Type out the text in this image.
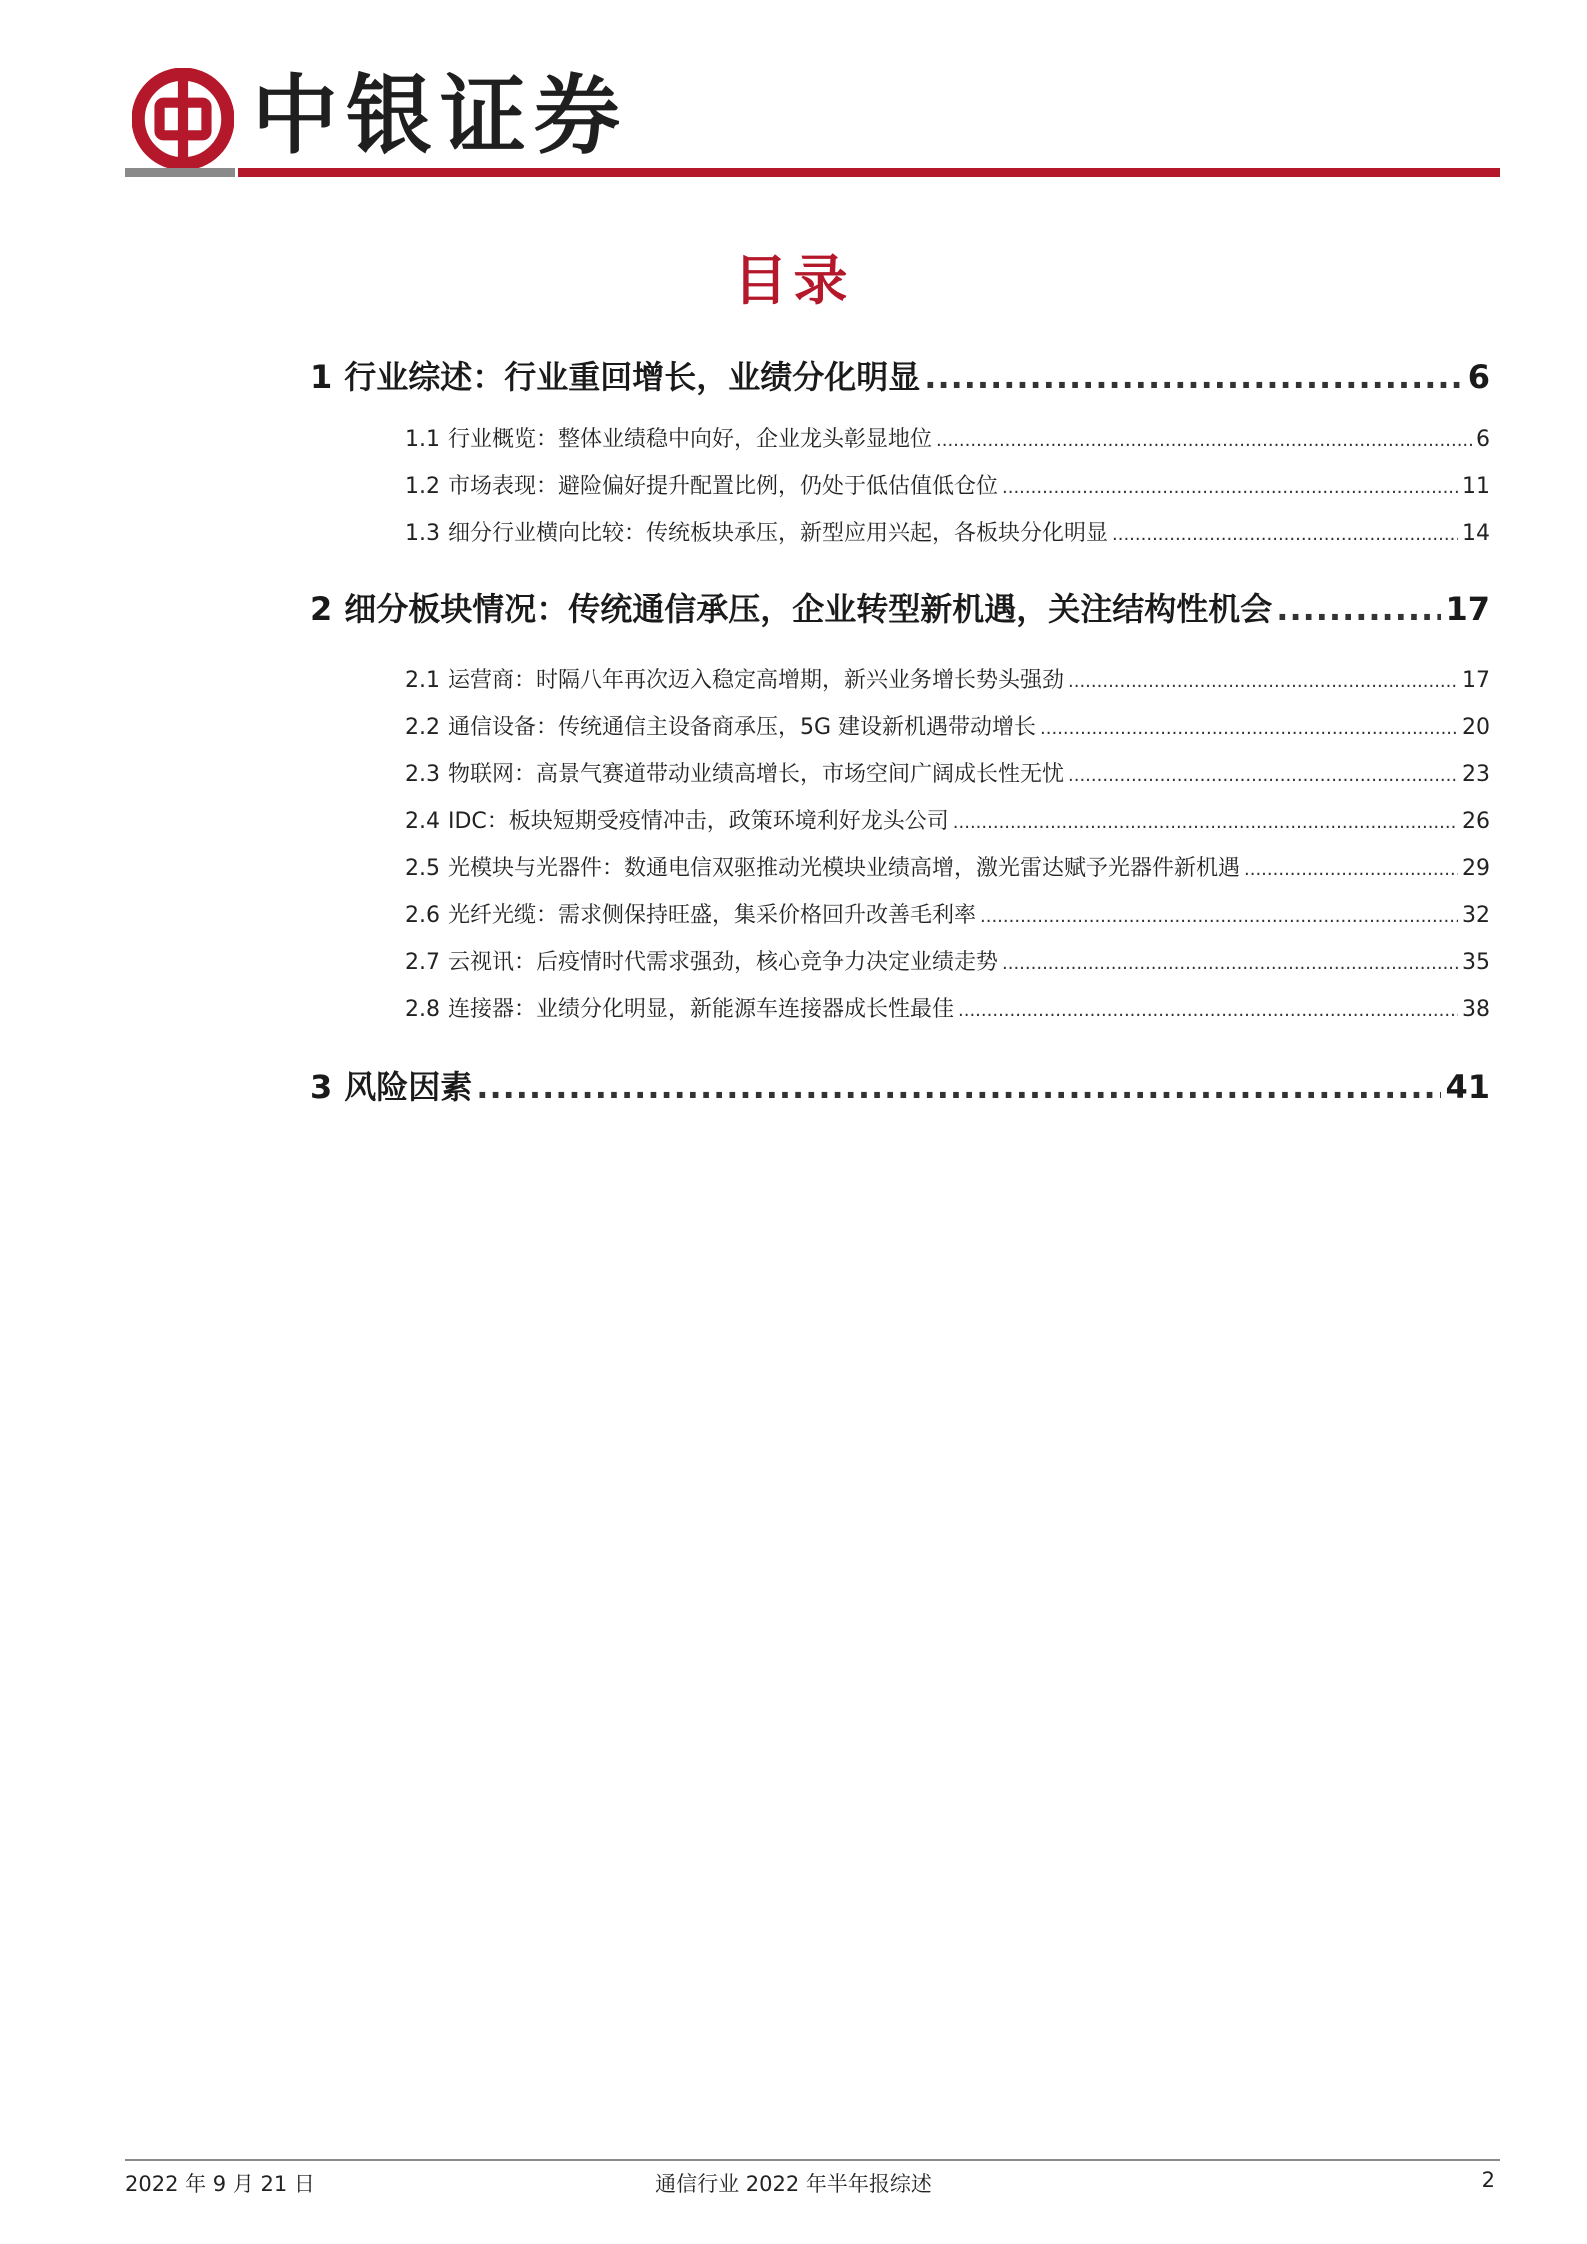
中银证券
目录
1 行业综述：行业重回增长，业绩分化明显 .....	6
1.1 行业概览：整体业绩稳中向好，企业龙头彰显地位 .....	6
1.2 市场表现：避险偏好提升配置比例，仍处于低估值低仓位 .....	11
1.3 细分行业横向比较：传统板块承压，新型应用兴起，各板块分化明显 .....	14
2 细分板块情况：传统通信承压，企业转型新机遇，关注结构性机会 .....	17
2.1 运营商：时隔八年再次迈入稳定高增期，新兴业务增长势头强劲 .....	17
2.2 通信设备：传统通信主设备商承压，5G 建设新机遇带动增长 .....	20
2.3 物联网：高景气赛道带动业绩高增长，市场空间广阔成长性无忧 .....	23
2.4 IDC：板块短期受疫情冲击，政策环境利好龙头公司 .....	26
2.5 光模块与光器件：数通电信双驱推动光模块业绩高增，激光雷达赋予光器件新机遇 .....	29
2.6 光纤光缆：需求侧保持旺盛，集采价格回升改善毛利率 .....	32
2.7 云视讯：后疫情时代需求强劲，核心竞争力决定业绩走势 .....	35
2.8 连接器：业绩分化明显，新能源车连接器成长性最佳 .....	38
3 风险因素 .....	41
2022 年 9 月 21 日	通信行业 2022 年半年报综述	2
